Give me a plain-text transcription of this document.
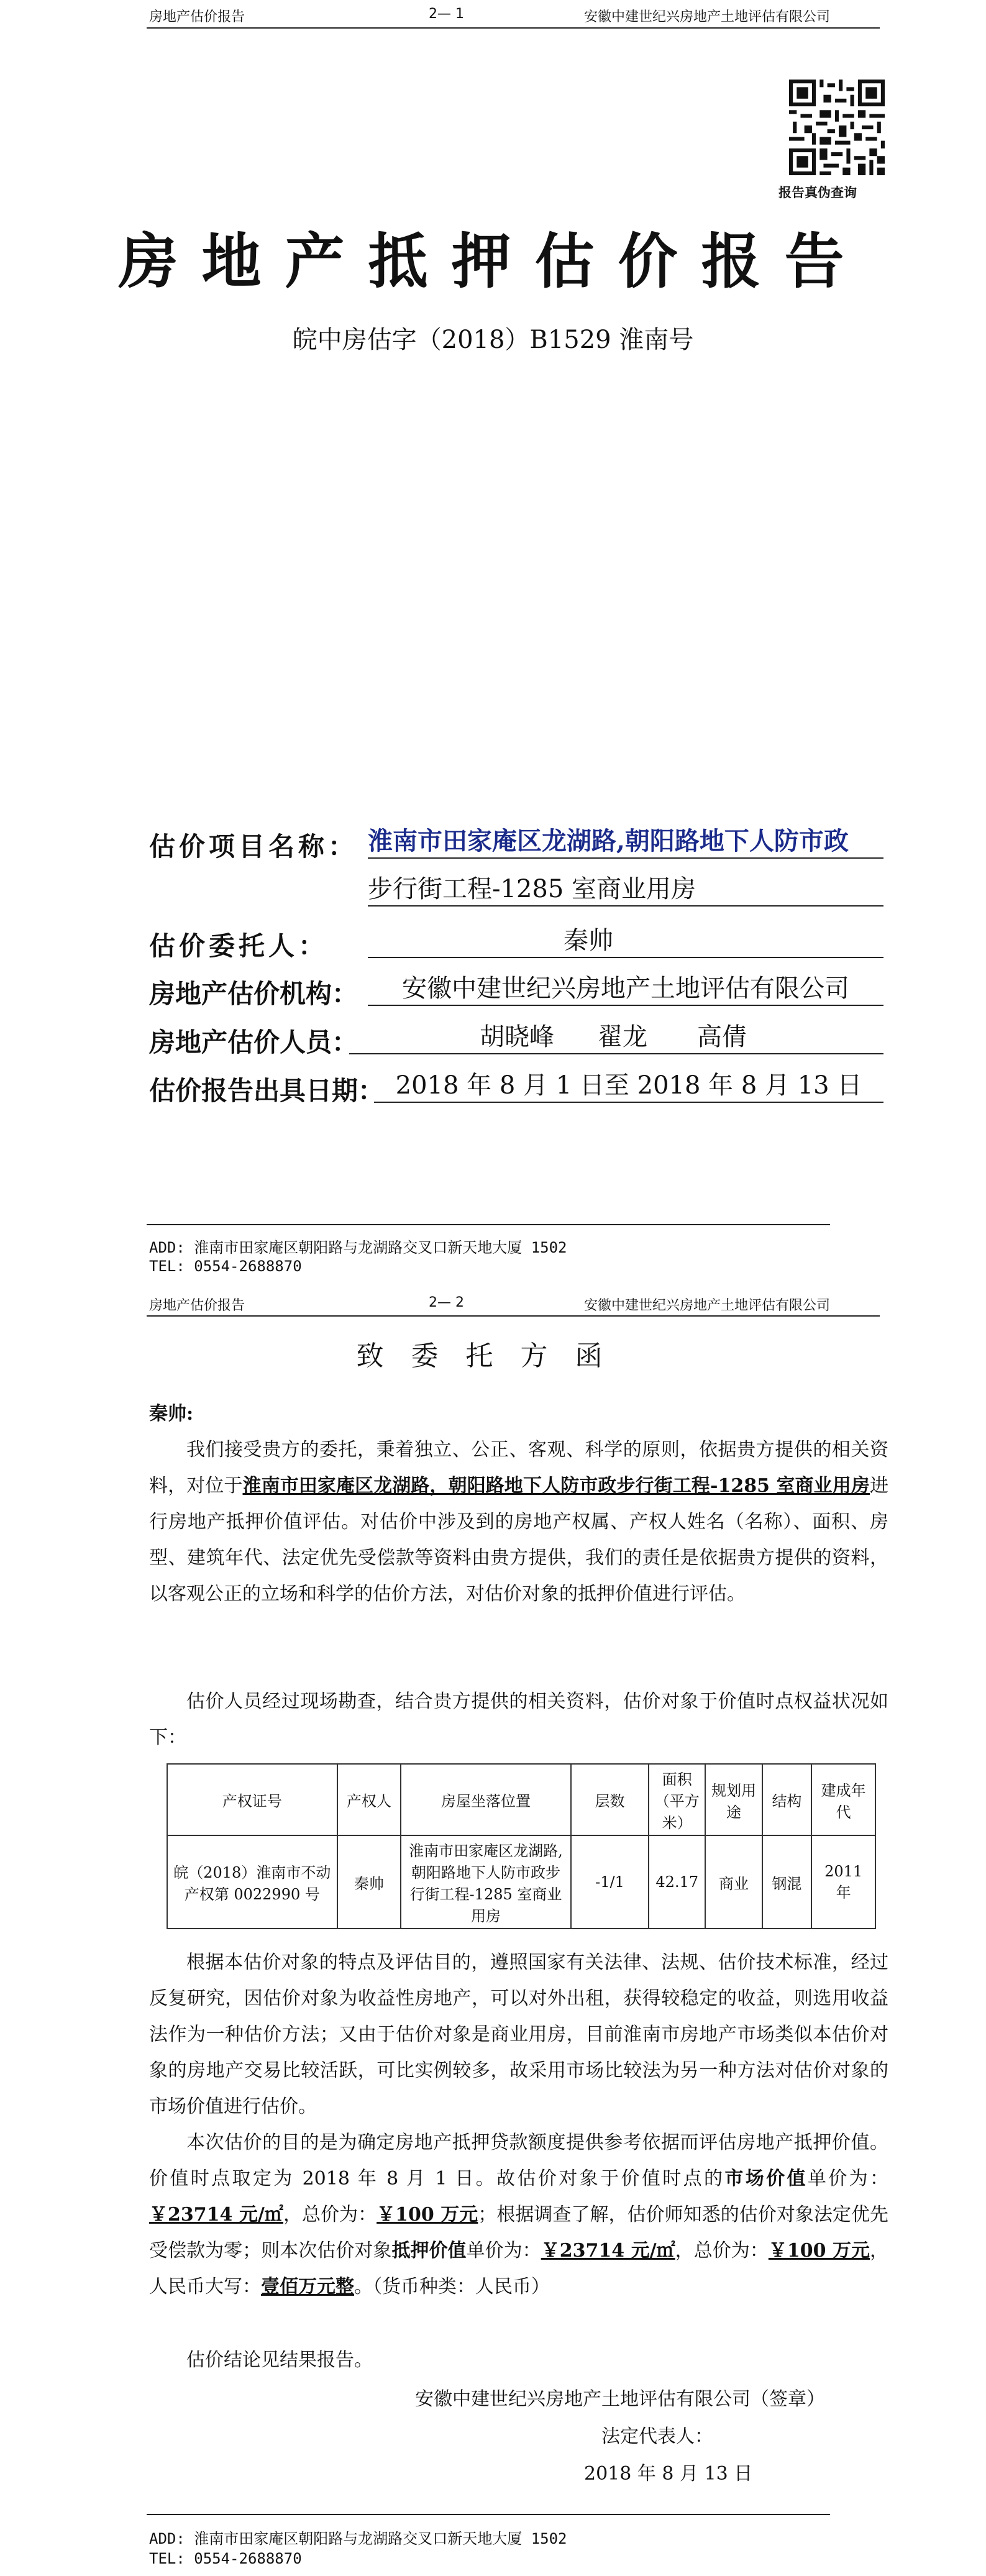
房地产估价报告	2— 1	安徽中建世纪兴房地产土地评估有限公司
报告真伪查询
房地产抵押估价报告
皖中房估字（2018）B1529 淮南号
估价项目名称： 淮南市田家庵区龙湖路,朝阳路地下人防市政
步行街工程-1285 室商业用房
估价委托人：	秦帅
房地产估价机构：	安徽中建世纪兴房地产土地评估有限公司
房地产估价人员：	胡晓峰 翟龙 高倩
估价报告出具日期： 2018 年 8 月 1 日至 2018 年 8 月 13 日
ADD: 淮南市田家庵区朝阳路与龙湖路交叉口新天地大厦 1502
TEL: 0554-2688870
房地产估价报告	2— 2	安徽中建世纪兴房地产土地评估有限公司
致委托方函
秦帅:

我们接受贵方的委托，秉着独立、公正、客观、科学的原则，依据贵方提供的相关资料，对位于淮南市田家庵区龙湖路，朝阳路地下人防市政步行街工程-1285 室商业用房进行房地产抵押价值评估。对估价中涉及到的房地产权属、产权人姓名（名称）、面积、房型、建筑年代、法定优先受偿款等资料由贵方提供，我们的责任是依据贵方提供的资料，以客观公正的立场和科学的估价方法，对估价对象的抵押价值进行评估。

估价人员经过现场勘查，结合贵方提供的相关资料，估价对象于价值时点权益状况如下：

产权证号	产权人	房屋坐落位置	层数	面积（平方米）	规划用途	结构	建成年代
皖（2018）淮南市不动产权第 0022990 号	秦帅	淮南市田家庵区龙湖路,朝阳路地下人防市政步行街工程-1285 室商业用房	-1/1	42.17	商业	钢混	2011 年

根据本估价对象的特点及评估目的，遵照国家有关法律、法规、估价技术标准，经过反复研究，因估价对象为收益性房地产，可以对外出租，获得较稳定的收益，则选用收益法作为一种估价方法；又由于估价对象是商业用房，目前淮南市房地产市场类似本估价对象的房地产交易比较活跃，可比实例较多，故采用市场比较法为另一种方法对估价对象的市场价值进行估价。

本次估价的目的是为确定房地产抵押贷款额度提供参考依据而评估房地产抵押价值。价值时点取定为 2018 年 8 月 1 日。故估价对象于价值时点的市场价值单价为：￥23714 元/㎡，总价为：￥100 万元；根据调查了解，估价师知悉的估价对象法定优先受偿款为零；则本次估价对象抵押价值单价为：￥23714 元/㎡，总价为：￥100 万元，人民币大写：壹佰万元整。（货币种类：人民币）

估价结论见结果报告。

安徽中建世纪兴房地产土地评估有限公司（签章）
法定代表人：
2018 年 8 月 13 日
ADD: 淮南市田家庵区朝阳路与龙湖路交叉口新天地大厦 1502
TEL: 0554-2688870
